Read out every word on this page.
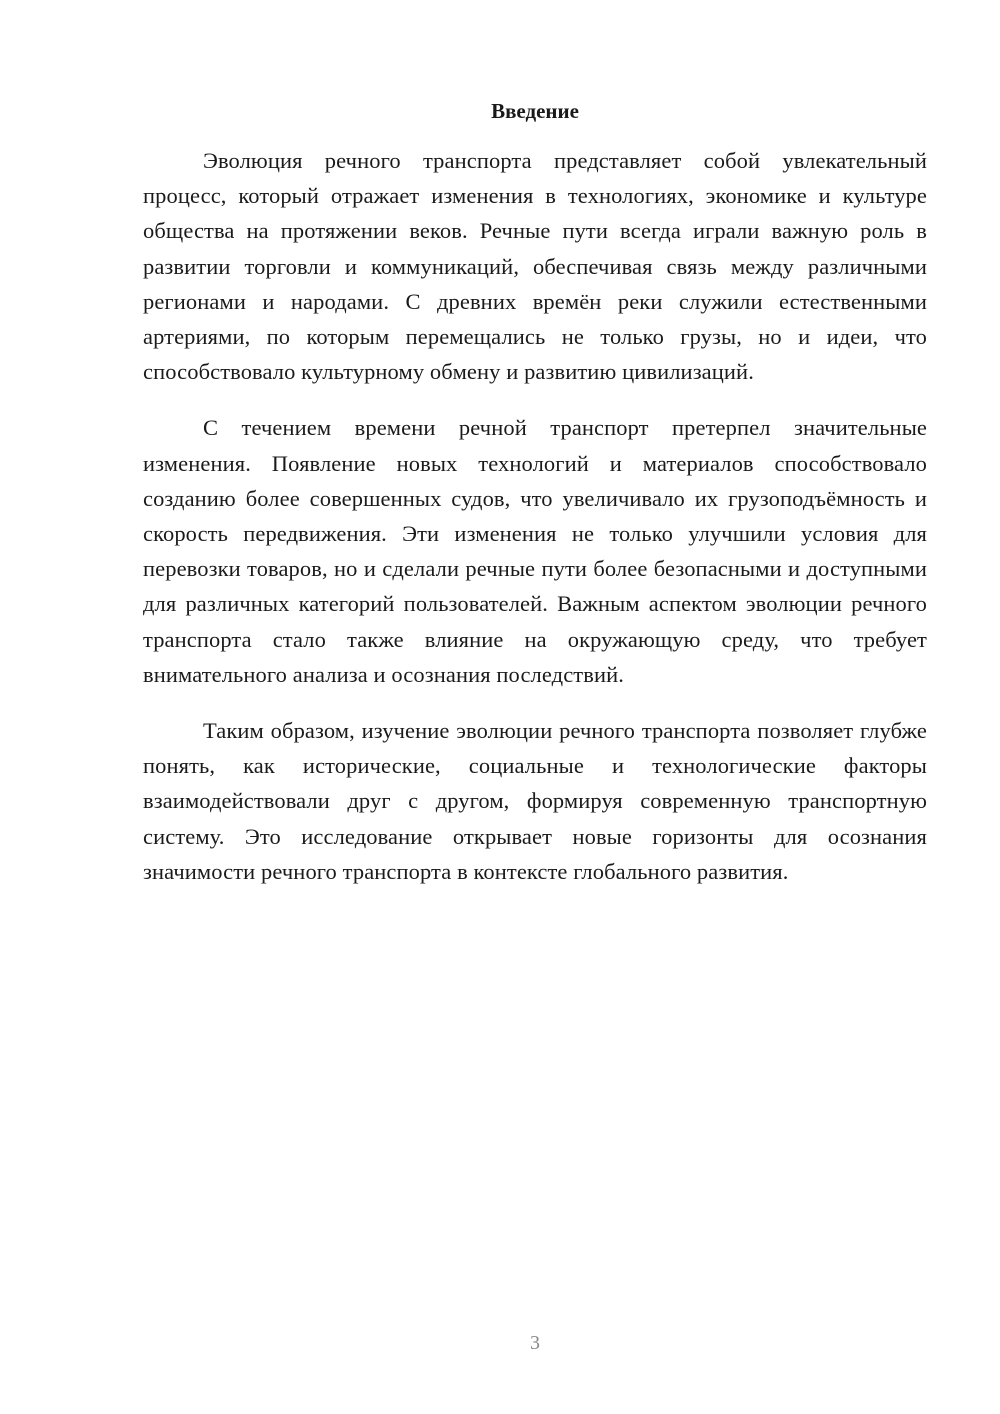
Введение

Эволюция речного транспорта представляет собой увлекательный процесс, который отражает изменения в технологиях, экономике и культуре общества на протяжении веков. Речные пути всегда играли важную роль в развитии торговли и коммуникаций, обеспечивая связь между различными регионами и народами. С древних времён реки служили естественными артериями, по которым перемещались не только грузы, но и идеи, что способствовало культурному обмену и развитию цивилизаций.

С течением времени речной транспорт претерпел значительные изменения. Появление новых технологий и материалов способствовало созданию более совершенных судов, что увеличивало их грузоподъёмность и скорость передвижения. Эти изменения не только улучшили условия для перевозки товаров, но и сделали речные пути более безопасными и доступными для различных категорий пользователей. Важным аспектом эволюции речного транспорта стало также влияние на окружающую среду, что требует внимательного анализа и осознания последствий.

Таким образом, изучение эволюции речного транспорта позволяет глубже понять, как исторические, социальные и технологические факторы взаимодействовали друг с другом, формируя современную транспортную систему. Это исследование открывает новые горизонты для осознания значимости речного транспорта в контексте глобального развития.

3
